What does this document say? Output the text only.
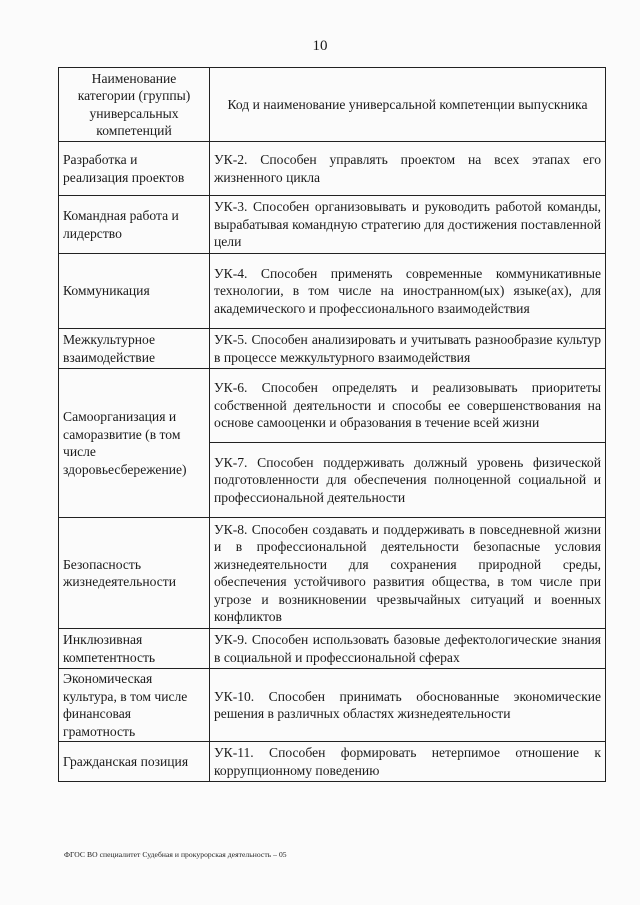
10
Наименование категории (группы) универсальных компетенций	Код и наименование универсальной компетенции выпускника
Разработка и реализация проектов	УК-2. Способен управлять проектом на всех этапах его жизненного цикла
Командная работа и лидерство	УК-3. Способен организовывать и руководить работой команды, вырабатывая командную стратегию для достижения поставленной цели
Коммуникация	УК-4. Способен применять современные коммуникативные технологии, в том числе на иностранном(ых) языке(ах), для академического и профессионального взаимодействия
Межкультурное взаимодействие	УК-5. Способен анализировать и учитывать разнообразие культур в процессе межкультурного взаимодействия
Самоорганизация и саморазвитие (в том числе здоровьесбережение)	УК-6. Способен определять и реализовывать приоритеты собственной деятельности и способы ее совершенствования на основе самооценки и образования в течение всей жизни
	УК-7. Способен поддерживать должный уровень физической подготовленности для обеспечения полноценной социальной и профессиональной деятельности
Безопасность жизнедеятельности	УК-8. Способен создавать и поддерживать в повседневной жизни и в профессиональной деятельности безопасные условия жизнедеятельности для сохранения природной среды, обеспечения устойчивого развития общества, в том числе при угрозе и возникновении чрезвычайных ситуаций и военных конфликтов
Инклюзивная компетентность	УК-9. Способен использовать базовые дефектологические знания в социальной и профессиональной сферах
Экономическая культура, в том числе финансовая грамотность	УК-10. Способен принимать обоснованные экономические решения в различных областях жизнедеятельности
Гражданская позиция	УК-11. Способен формировать нетерпимое отношение к коррупционному поведению
ФГОС ВО специалитет Судебная и прокурорская деятельность – 05
